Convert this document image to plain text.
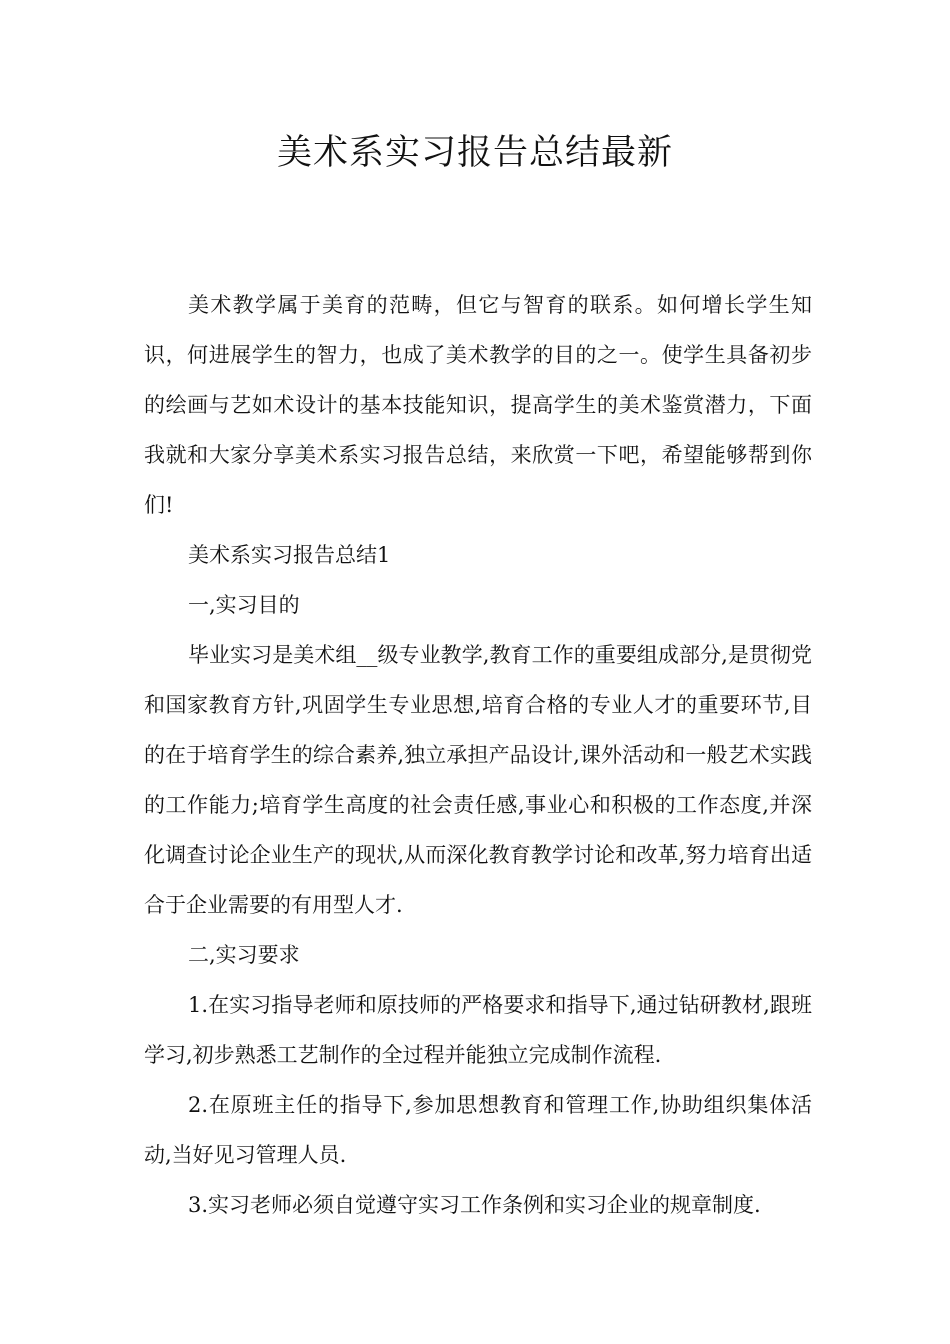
美术系实习报告总结最新

美术教学属于美育的范畴，但它与智育的联系。如何增长学生知识，何进展学生的智力，也成了美术教学的目的之一。使学生具备初步的绘画与艺如术设计的基本技能知识，提高学生的美术鉴赏潜力，下面我就和大家分享美术系实习报告总结，来欣赏一下吧，希望能够帮到你们!

美术系实习报告总结1

一,实习目的

毕业实习是美术组__级专业教学,教育工作的重要组成部分,是贯彻党和国家教育方针,巩固学生专业思想,培育合格的专业人才的重要环节,目的在于培育学生的综合素养,独立承担产品设计,课外活动和一般艺术实践的工作能力;培育学生高度的社会责任感,事业心和积极的工作态度,并深化调查讨论企业生产的现状,从而深化教育教学讨论和改革,努力培育出适合于企业需要的有用型人才.

二,实习要求

1.在实习指导老师和原技师的严格要求和指导下,通过钻研教材,跟班学习,初步熟悉工艺制作的全过程并能独立完成制作流程.

2.在原班主任的指导下,参加思想教育和管理工作,协助组织集体活动,当好见习管理人员.

3.实习老师必须自觉遵守实习工作条例和实习企业的规章制度.
